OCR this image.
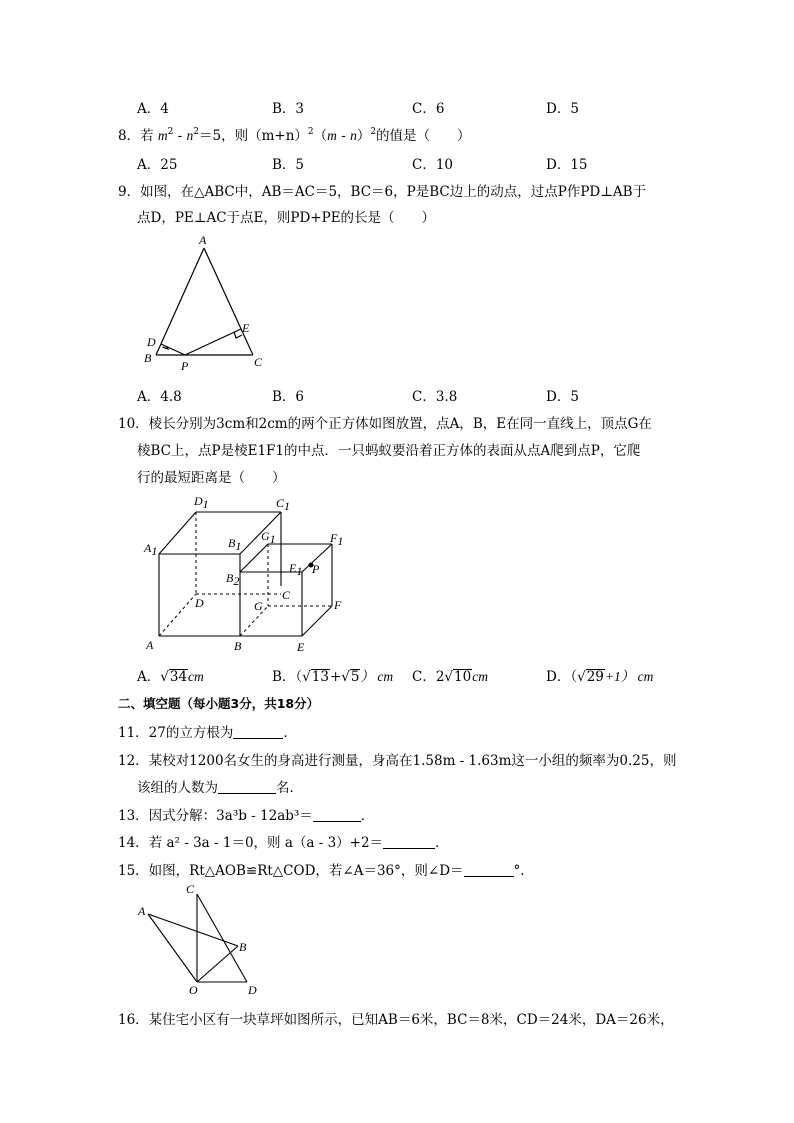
A．4	B．3	C．6	D．5
8．若 $m^2 - n^2=5$，则$(m+n)^2(m - n)^2$的值是（　　）
A．25	B．5	C．10	D．15
9．如图，在△ABC中，AB＝AC＝5，BC＝6，P是BC边上的动点，过点P作PD⊥AB于
点D，PE⊥AC于点E，则PD+PE的长是（　　）
A
B	C
D
E
P
A．4.8	B．6	C．3.8	D．5
10．棱长分别为3cm和2cm的两个正方体如图放置，点A，B，E在同一直线上，顶点G在
棱BC上，点P是棱E1F1的中点．一只蚂蚁要沿着正方体的表面从点A爬到点P，它爬
行的最短距离是（　　）
A1
D1	C1
B1
G1	F1
E1 P
B2
C
D	G	F
A	B	E
A．√34cm	B．（√13+√5） cm C．2√10cm	D．（√29+1） cm
二、填空题（每小题3分，共18分）
11．27的立方根为	．
12．某校对1200名女生的身高进行测量，身高在1.58m - 1.63m这一小组的频率为0.25，则
该组的人数为	名．
13．因式分解：3a³b - 12ab³＝	．
14．若 a² - 3a - 1＝0，则 a（a - 3）+2＝	．
15．如图，Rt△AOB≌Rt△COD，若∠A＝36°，则∠D＝	°．
A
C
B
O	D
16．某住宅小区有一块草坪如图所示，已知AB＝6米，BC＝8米，CD＝24米，DA＝26米，
